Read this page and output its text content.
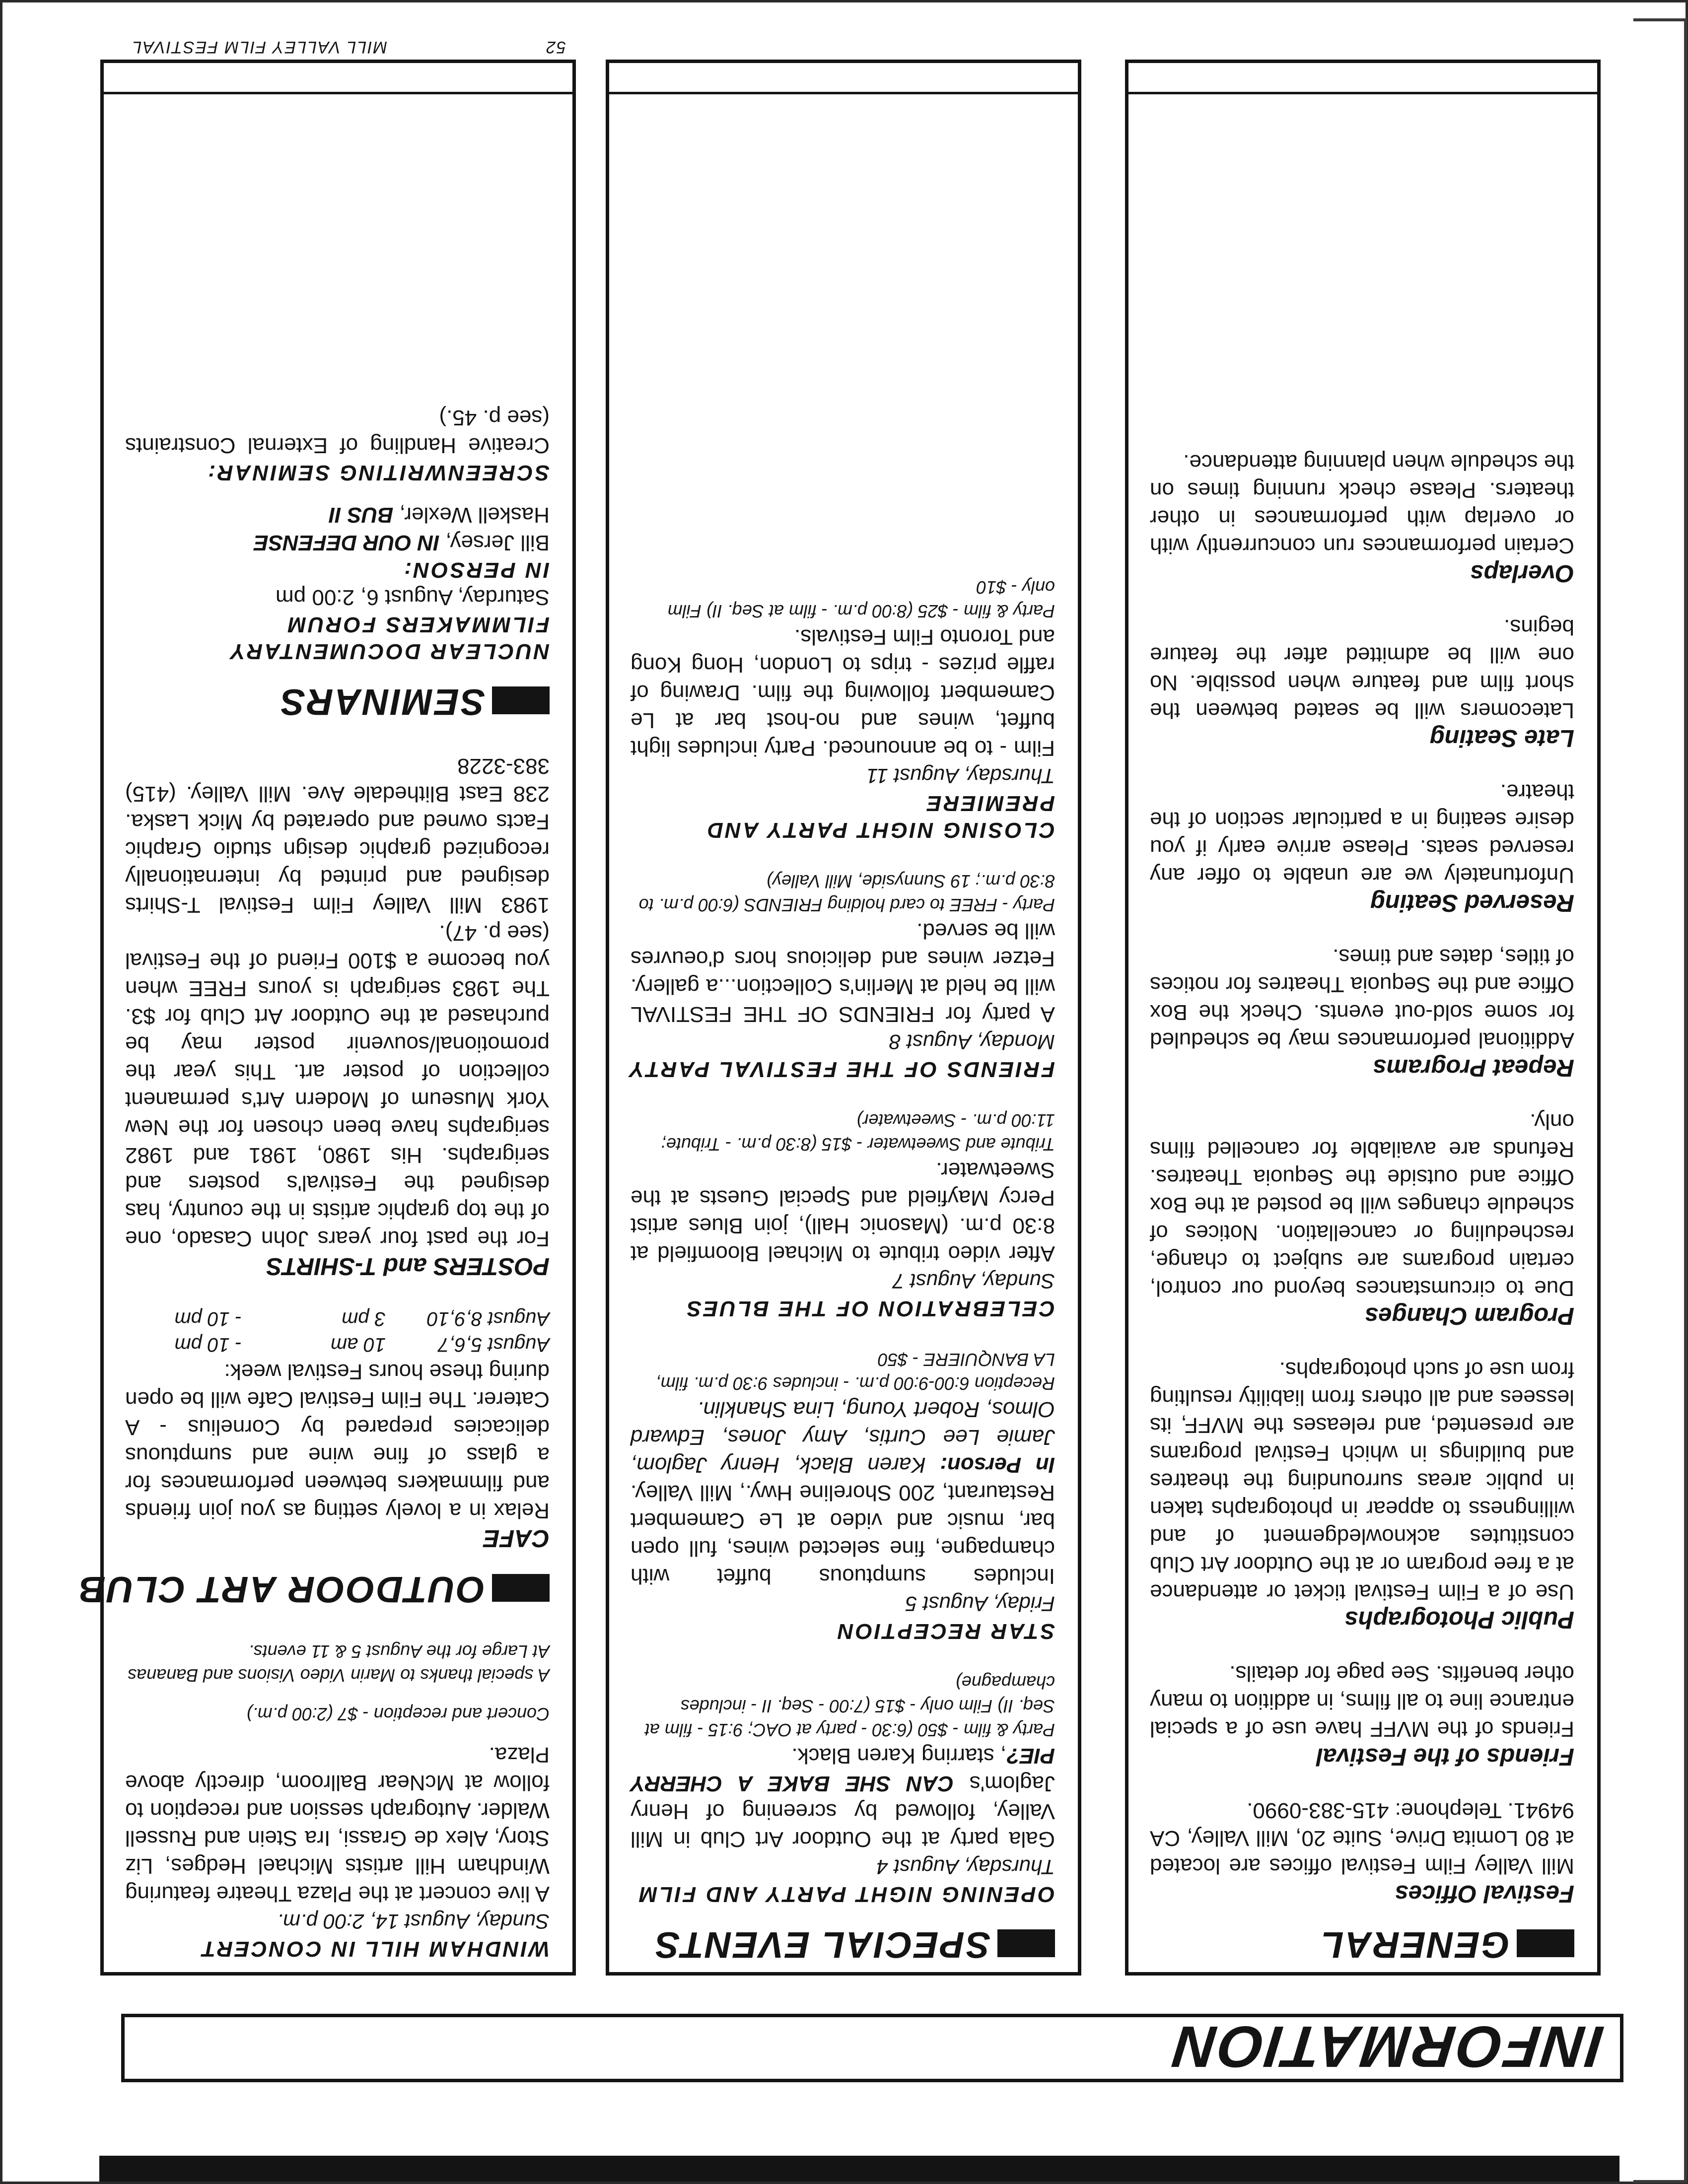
INFORMATION
GENERAL

Festival Offices

Mill Valley Film Festival offices are located at 80 Lomita Drive, Suite 20, Mill Valley, CA 94941. Telephone: 415-383-0990.

Friends of the Festival

Friends of the MVFF have use of a special entrance line to all films, in addition to many other benefits. See page for details.

Public Photographs

Use of a Film Festival ticket or attendance at a free program or at the Outdoor Art Club constitutes acknowledgement of and willingness to appear in photographs taken in public areas surrounding the theatres and buildings in which Festival programs are presented, and releases the MVFF, its lessees and all others from liability resulting from use of such photographs.

Program Changes

Due to circumstances beyond our control, certain programs are subject to change, rescheduling or cancellation. Notices of schedule changes will be posted at the Box Office and outside the Sequoia Theatres. Refunds are available for cancelled films only.

Repeat Programs

Additional performances may be scheduled for some sold-out events. Check the Box Office and the Sequoia Theatres for notices of titles, dates and times.

Reserved Seating

Unfortunately we are unable to offer any reserved seats. Please arrive early if you desire seating in a particular section of the theatre.

Late Seating

Latecomers will be seated between the short film and feature when possible. No one will be admitted after the feature begins.

Overlaps

Certain performances run concurrently with or overlap with performances in other theaters. Please check running times on the schedule when planning attendance.

SPECIAL EVENTS

OPENING NIGHT PARTY AND FILM

Thursday, August 4

Gala party at the Outdoor Art Club in Mill Valley, followed by screening of Henry Jaglom's CAN SHE BAKE A CHERRY PIE?, starring Karen Black.

Party & film - $50 (6:30 - party at OAC; 9:15 - film at Seq. II) Film only - $15 (7:00 - Seq. II - includes champagne)

STAR RECEPTION

Friday, August 5

Includes sumptuous buffet with champagne, fine selected wines, full open bar, music and video at Le Camembert Restaurant, 200 Shoreline Hwy., Mill Valley. In Person: Karen Black, Henry Jaglom, Jamie Lee Curtis, Amy Jones, Edward Olmos, Robert Young, Lina Shanklin.

Reception 6:00-9:00 p.m. - includes 9:30 p.m. film, LA BANQUIERE - $50

CELEBRATION OF THE BLUES

Sunday, August 7

After video tribute to Michael Bloomfield at 8:30 p.m. (Masonic Hall), join Blues artist Percy Mayfield and Special Guests at the Sweetwater.

Tribute and Sweetwater - $15 (8:30 p.m. - Tribute; 11:00 p.m. - Sweetwater)

FRIENDS OF THE FESTIVAL PARTY

Monday, August 8

A party for FRIENDS OF THE FESTIVAL will be held at Merlin's Collection...a gallery. Fetzer wines and delicious hors d'oeuvres will be served.

Party - FREE to card holding FRIENDS (6:00 p.m. to 8:30 p.m.; 19 Sunnyside, Mill Valley)

CLOSING NIGHT PARTY AND PREMIERE

Thursday, August 11

Film - to be announced. Party includes light buffet, wines and no-host bar at Le Camembert following the film. Drawing of raffle prizes - trips to London, Hong Kong and Toronto Film Festivals.

Party & film - $25 (8:00 p.m. - film at Seq. II) Film only - $10

WINDHAM HILL IN CONCERT

Sunday, August 14, 2:00 p.m.

A live concert at the Plaza Theatre featuring Windham Hill artists Michael Hedges, Liz Story, Alex de Grassi, Ira Stein and Russell Walder. Autograph session and reception to follow at McNear Ballroom, directly above Plaza.

Concert and reception - $7 (2:00 p.m.)

A special thanks to Marin Video Visions and Bananas At Large for the August 5 & 11 events.

OUTDOOR ART CLUB

CAFE

Relax in a lovely setting as you join friends and filmmakers between performances for a glass of fine wine and sumptuous delicacies prepared by Cornelius - A Caterer. The Film Festival Cafe will be open during these hours Festival week:

August 5,6,7
10 am
- 10 pm
August 8,9,10
3 pm
- 10 pm

POSTERS and T-SHIRTS

For the past four years John Casado, one of the top graphic artists in the country, has designed the Festival's posters and serigraphs. His 1980, 1981 and 1982 serigraphs have been chosen for the New York Museum of Modern Art's permanent collection of poster art. This year the promotional/souvenir poster may be purchased at the Outdoor Art Club for $3. The 1983 serigraph is yours FREE when you become a $100 Friend of the Festival (see p. 47).

1983 Mill Valley Film Festival T-Shirts designed and printed by internationally recognized graphic design studio Graphic Facts owned and operated by Mick Laska. 238 East Blithedale Ave. Mill Valley. (415) 383-3228

SEMINARS

NUCLEAR DOCUMENTARY FILMMAKERS FORUM

Saturday, August 6, 2:00 pm

IN PERSON:

Bill Jersey, IN OUR DEFENSE

Haskell Wexler, BUS II

SCREENWRITING SEMINAR:

Creative Handling of External Constraints (see p. 45.)

52
MILL VALLEY FILM FESTIVAL
